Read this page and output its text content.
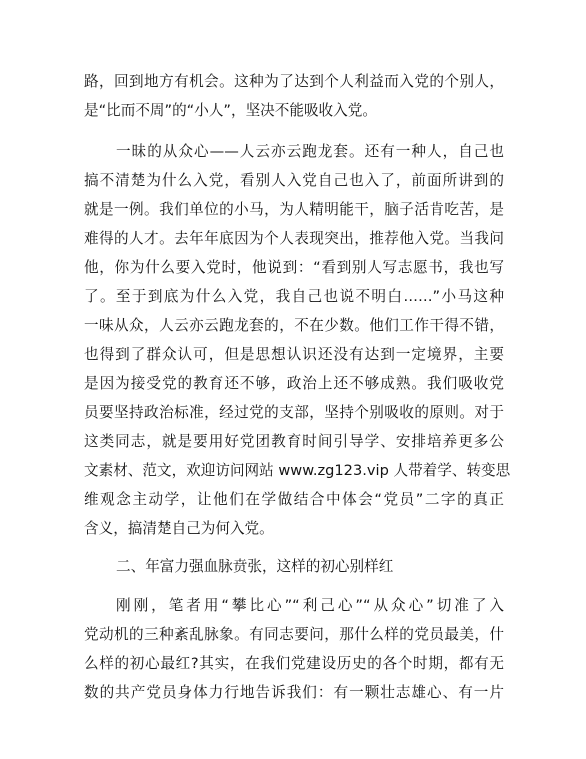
路，回到地方有机会。这种为了达到个人利益而入党的个别人，
是“比而不周”的“小人”，坚决不能吸收入党。
一昧的从众心——人云亦云跑龙套。还有一种人，自己也
搞不清楚为什么入党，看别人入党自己也入了，前面所讲到的
就是一例。我们单位的小马，为人精明能干，脑子活肯吃苦，是
难得的人才。去年年底因为个人表现突出，推荐他入党。当我问
他，你为什么要入党时，他说到：“看到别人写志愿书，我也写
了。至于到底为什么入党，我自己也说不明白……”小马这种
一味从众，人云亦云跑龙套的，不在少数。他们工作干得不错，
也得到了群众认可，但是思想认识还没有达到一定境界，主要
是因为接受党的教育还不够，政治上还不够成熟。我们吸收党
员要坚持政治标准，经过党的支部，坚持个别吸收的原则。对于
这类同志，就是要用好党团教育时间引导学、安排培养更多公
文素材、范文，欢迎访问网站 www.zg123.vip 人带着学、转变思
维观念主动学，让他们在学做结合中体会“党员”二字的真正
含义，搞清楚自己为何入党。
二、年富力强血脉贲张，这样的初心别样红
刚刚，笔者用“攀比心”“利己心”“从众心”切准了入
党动机的三种紊乱脉象。有同志要问，那什么样的党员最美，什
么样的初心最红?其实，在我们党建设历史的各个时期，都有无
数的共产党员身体力行地告诉我们：有一颗壮志雄心、有一片
